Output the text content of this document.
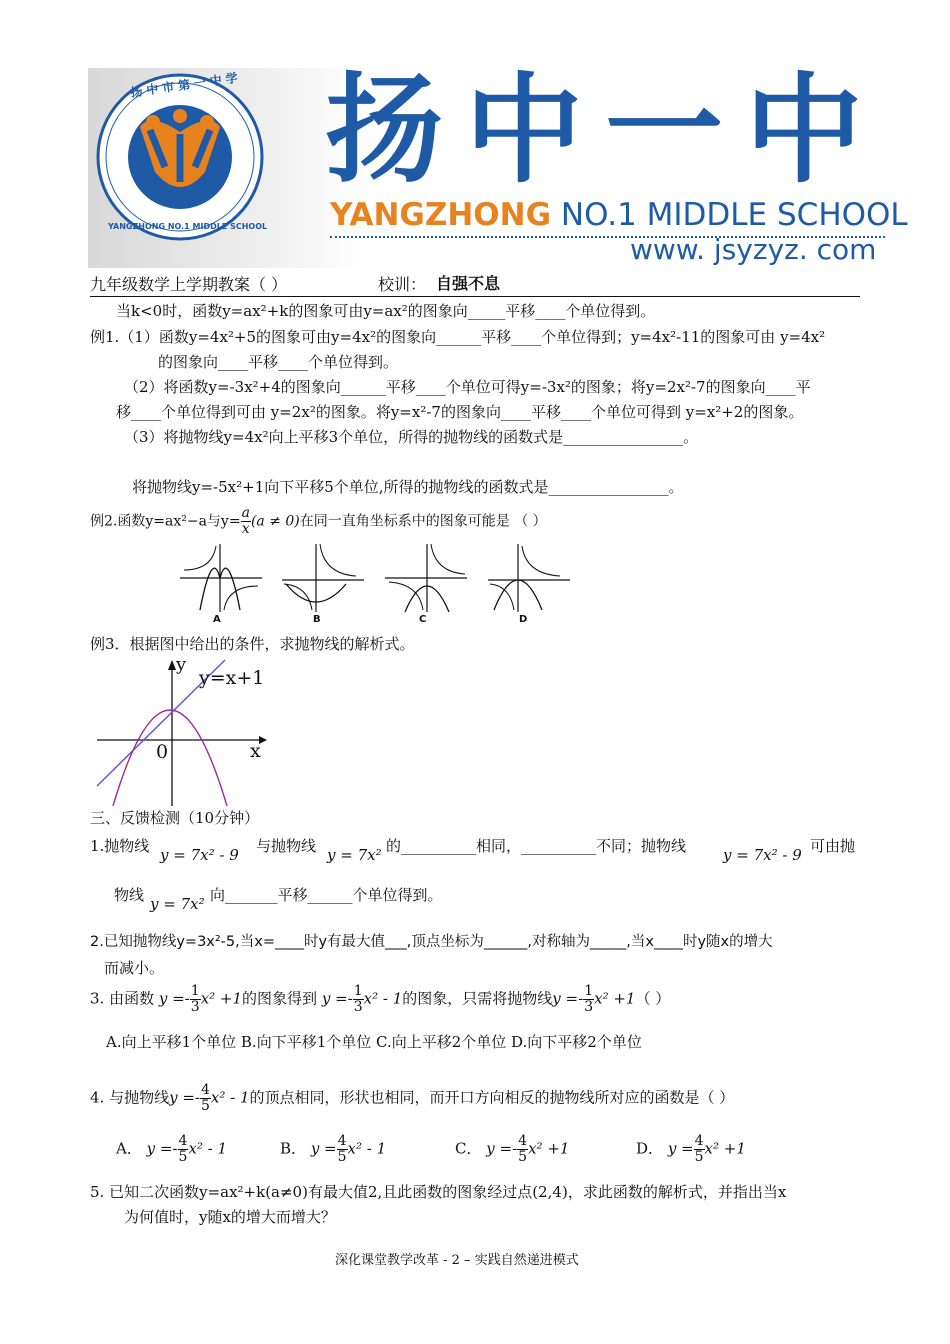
扬中市第一中学
YANGZHONG NO.1 MIDDLE SCHOOL
扬中一中
YANGZHONG NO.1 MIDDLE SCHOOL
www. jsyzyz. com
九年级数学上学期教案（ ）	校训： 自强不息
当k<0时，函数y=ax²+k的图象可由y=ax²的图象向_____平移____个单位得到。
例1.（1）函数y=4x²+5的图象可由y=4x²的图象向______平移____个单位得到；y=4x²-11的图象可由 y=4x²
的图象向____平移____个单位得到。
（2）将函数y=-3x²+4的图象向______平移____个单位可得y=-3x²的图象；将y=2x²-7的图象向____平
移____个单位得到可由 y=2x²的图象。将y=x²-7的图象向____平移____个单位可得到 y=x²+2的图象。
（3）将抛物线y=4x²向上平移3个单位，所得的抛物线的函数式是________________。
将抛物线y=-5x²+1向下平移5个单位,所得的抛物线的函数式是________________。
例2.函数y=ax²−a与$y= \frac{a}{x} (a \ne 0)$在同一直角坐标系中的图象可能是 （ ）
A	B	C	D
例3．根据图中给出的条件，求抛物线的解析式。
y
y=x+1
0	x
三、反馈检测（10分钟）
1.抛物线 y = 7x² - 9 与抛物线 y = 7x² 的__________相同，__________不同；抛物线 y = 7x² - 9 可由抛
物线 y = 7x² 向_______平移______个单位得到。
2.已知抛物线y=3x²-5,当x=____时y有最大值___,顶点坐标为______,对称轴为_____,当x____时y随x的增大
而减小。
3. 由函数 $y =- \frac{1}{3} x^2 +1$的图象得到 $y =- \frac{1}{3} x^2 - 1$的图象，只需将抛物线$y =- \frac{1}{3} x^2 +1$（ ）
A.向上平移1个单位 B.向下平移1个单位 C.向上平移2个单位 D.向下平移2个单位
4. 与抛物线$y =- \frac{4}{5} x^2 - 1$的顶点相同，形状也相同，而开口方向相反的抛物线所对应的函数是（ ）
A． $y =- \frac{4}{5} x^2 - 1$	B． $y = \frac{4}{5} x^2 - 1$	C． $y =- \frac{4}{5} x^2 +1$	D． $y = \frac{4}{5} x^2 +1$
5. 已知二次函数y=ax²+k(a≠0)有最大值2,且此函数的图象经过点(2,4)，求此函数的解析式，并指出当x
为何值时，y随x的增大而增大？
深化课堂教学改革 - 2 – 实践自然递进模式
